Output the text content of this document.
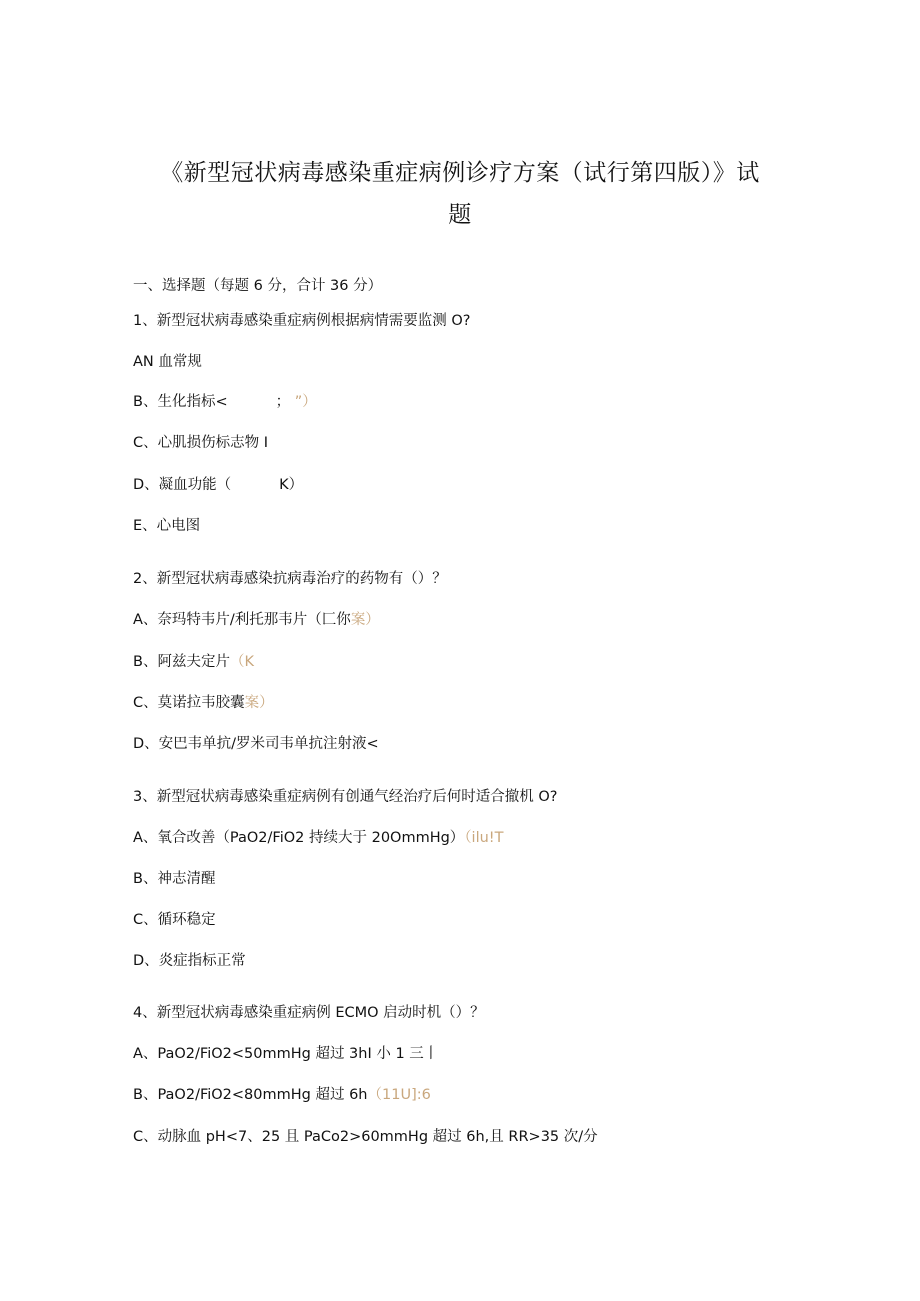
《新型冠状病毒感染重症病例诊疗方案（试行第四版）》试
题
一、选择题（每题 6 分，合计 36 分）
1、新型冠状病毒感染重症病例根据病情需要监测 O?
AN 血常规
B、生化指标<	； ”）
C、心肌损伤标志物 I
D、凝血功能（	K）
E、心电图
2、新型冠状病毒感染抗病毒治疗的药物有（）？
A、奈玛特韦片/利托那韦片（匚你案）
B、阿兹夫定片（K
C、莫诺拉韦胶囊案）
D、安巴韦单抗/罗米司韦单抗注射液<
3、新型冠状病毒感染重症病例有创通气经治疗后何时适合撤机 O?
A、氧合改善（PaO2∕FiO2 持续大于 20OmmHg）（ilu!T
B、神志清醒
C、循环稳定
D、炎症指标正常
4、新型冠状病毒感染重症病例 ECMO 启动时机（）？
A、PaO2∕FiO2<50mmHg 超过 3hI 小 1 三丨
B、PaO2∕FiO2<80mmHg 超过 6h（11U]:6
C、动脉血 pH<7、25 且 PaCo2>60mmHg 超过 6h,且 RR>35 次/分
